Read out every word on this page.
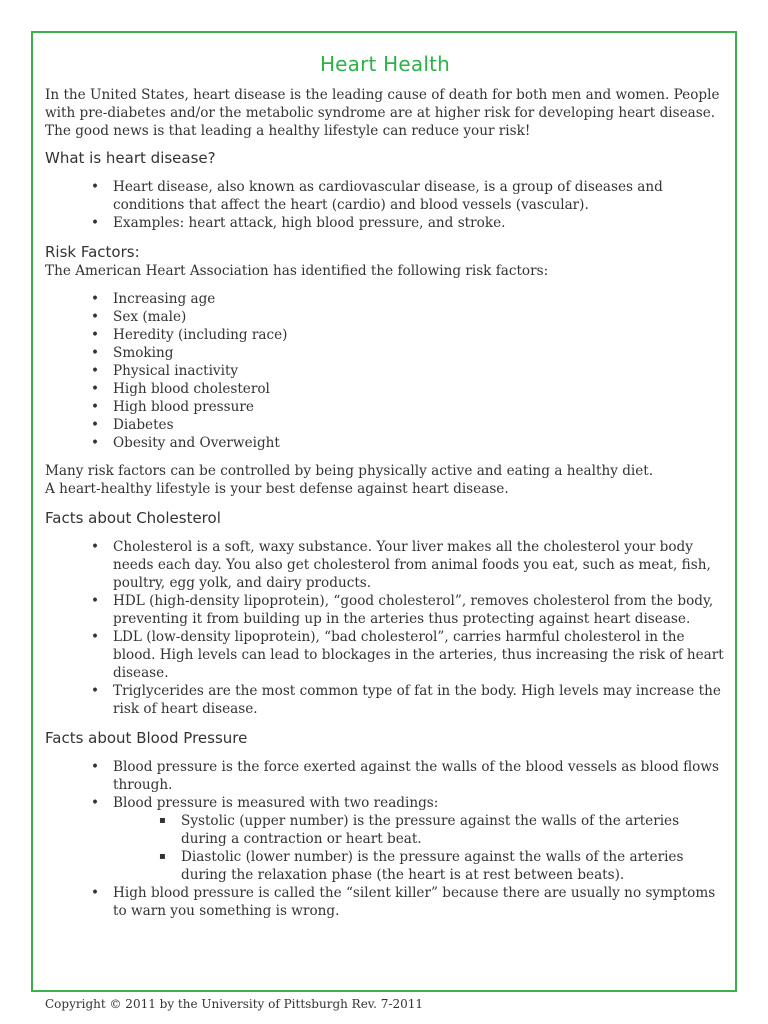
Heart Health

In the United States, heart disease is the leading cause of death for both men and women. People with pre-diabetes and/or the metabolic syndrome are at higher risk for developing heart disease. The good news is that leading a healthy lifestyle can reduce your risk!

What is heart disease?
• Heart disease, also known as cardiovascular disease, is a group of diseases and conditions that affect the heart (cardio) and blood vessels (vascular).
• Examples: heart attack, high blood pressure, and stroke.
Risk Factors:

The American Heart Association has identified the following risk factors:

• Increasing age
• Sex (male)
• Heredity (including race)
• Smoking
• Physical inactivity
• High blood cholesterol
• High blood pressure
• Diabetes
• Obesity and Overweight

Many risk factors can be controlled by being physically active and eating a healthy diet.

A heart-healthy lifestyle is your best defense against heart disease.

Facts about Cholesterol
• Cholesterol is a soft, waxy substance. Your liver makes all the cholesterol your body needs each day. You also get cholesterol from animal foods you eat, such as meat, fish, poultry, egg yolk, and dairy products.
• HDL (high-density lipoprotein), “good cholesterol”, removes cholesterol from the body, preventing it from building up in the arteries thus protecting against heart disease.
• LDL (low-density lipoprotein), “bad cholesterol”, carries harmful cholesterol in the blood. High levels can lead to blockages in the arteries, thus increasing the risk of heart disease.
• Triglycerides are the most common type of fat in the body. High levels may increase the risk of heart disease.
Facts about Blood Pressure
• Blood pressure is the force exerted against the walls of the blood vessels as blood flows through.
• Blood pressure is measured with two readings:
▪ Systolic (upper number) is the pressure against the walls of the arteries during a contraction or heart beat.
▪ Diastolic (lower number) is the pressure against the walls of the arteries during the relaxation phase (the heart is at rest between beats).
• High blood pressure is called the “silent killer” because there are usually no symptoms to warn you something is wrong.
Copyright © 2011 by the University of Pittsburgh Rev. 7-2011
